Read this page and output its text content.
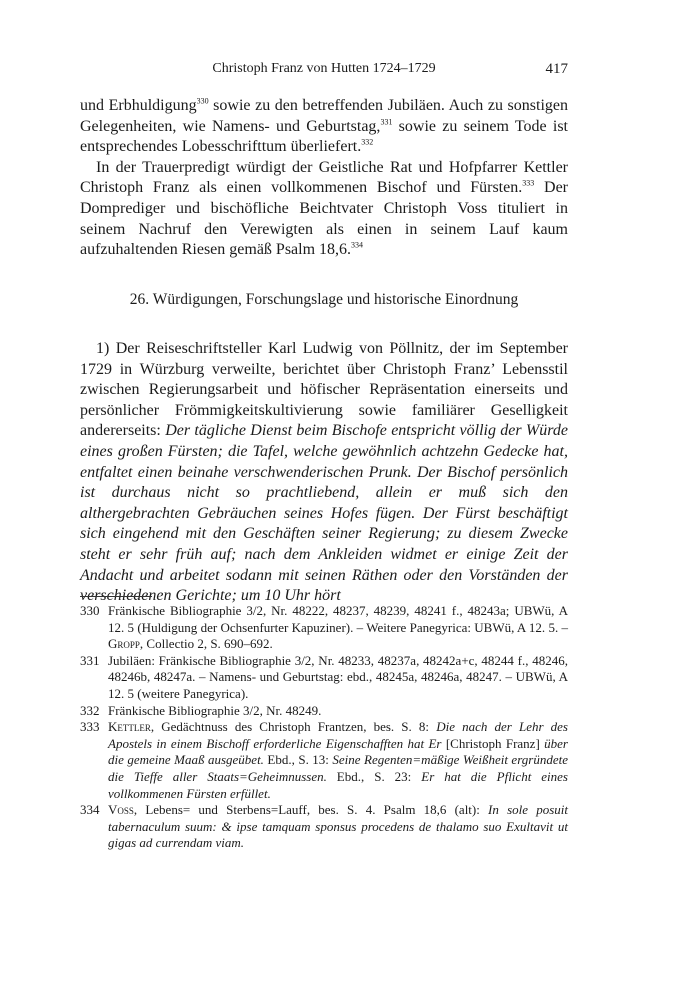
Christoph Franz von Hutten 1724–1729	417

und Erbhuldigung$^{330}$ sowie zu den betreffenden Jubiläen. Auch zu sonstigen Gelegenheiten, wie Namens- und Geburtstag,$^{331}$ sowie zu seinem Tode ist entsprechendes Lobesschrifttum überliefert.$^{332}$

In der Trauerpredigt würdigt der Geistliche Rat und Hofpfarrer Kettler Christoph Franz als einen vollkommenen Bischof und Fürsten.$^{333}$ Der Domprediger und bischöfliche Beichtvater Christoph Voss tituliert in seinem Nachruf den Verewigten als einen in seinem Lauf kaum aufzuhaltenden Riesen gemäß Psalm 18,6.$^{334}$

26. Würdigungen, Forschungslage und historische Einordnung

1) Der Reiseschriftsteller Karl Ludwig von Pöllnitz, der im September 1729 in Würzburg verweilte, berichtet über Christoph Franz’ Lebensstil zwischen Regierungsarbeit und höfischer Repräsentation einerseits und persönlicher Frömmigkeitskultivierung sowie familiärer Geselligkeit andererseits: Der tägliche Dienst beim Bischofe entspricht völlig der Würde eines großen Fürsten; die Tafel, welche gewöhnlich achtzehn Gedecke hat, entfaltet einen beinahe verschwenderischen Prunk. Der Bischof persönlich ist durchaus nicht so prachtliebend, allein er muß sich den althergebrachten Gebräuchen seines Hofes fügen. Der Fürst beschäftigt sich eingehend mit den Geschäften seiner Regierung; zu diesem Zwecke steht er sehr früh auf; nach dem Ankleiden widmet er einige Zeit der Andacht und arbeitet sodann mit seinen Räthen oder den Vorständen der verschiedenen Gerichte; um 10 Uhr hört

330 Fränkische Bibliographie 3/2, Nr. 48222, 48237, 48239, 48241 f., 48243a; UBWü, A 12. 5 (Huldigung der Ochsenfurter Kapuziner). – Weitere Panegyrica: UBWü, A 12. 5. – Gropp, Collectio 2, S. 690–692.
331 Jubiläen: Fränkische Bibliographie 3/2, Nr. 48233, 48237a, 48242a+c, 48244 f., 48246, 48246b, 48247a. – Namens- und Geburtstag: ebd., 48245a, 48246a, 48247. – UBWü, A 12. 5 (weitere Panegyrica).
332 Fränkische Bibliographie 3/2, Nr. 48249.
333 Kettler, Gedächtnuss des Christoph Frantzen, bes. S. 8: Die nach der Lehr des Apostels in einem Bischoff erforderliche Eigenschafften hat Er [Christoph Franz] über die gemeine Maaß ausgeübet. Ebd., S. 13: Seine Regenten=mäßige Weißheit ergründete die Tieffe aller Staats=Geheimnussen. Ebd., S. 23: Er hat die Pflicht eines vollkommenen Fürsten erfüllet.
334 Voss, Lebens= und Sterbens=Lauff, bes. S. 4. Psalm 18,6 (alt): In sole posuit tabernaculum suum: & ipse tamquam sponsus procedens de thalamo suo Exultavit ut gigas ad currendam viam.
